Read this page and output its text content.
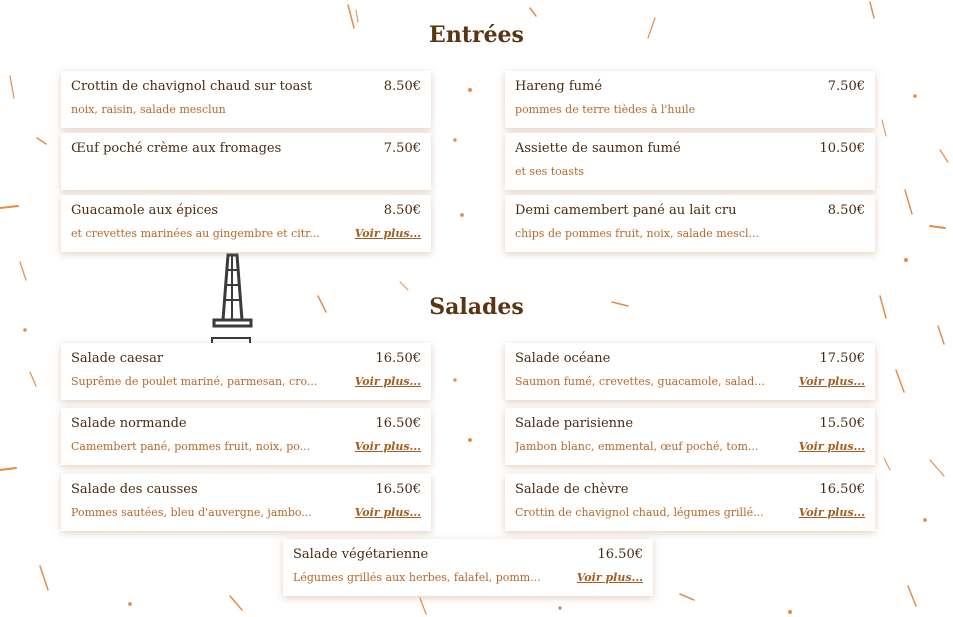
Entrées
Salades
Crottin de chavignol chaud sur toast	8.50€
noix, raisin, salade mesclun
Hareng fumé	7.50€
pommes de terre tièdes à l'huile
Œuf poché crème aux fromages	7.50€	Assiette de saumon fumé	10.50€
et ses toasts
Guacamole aux épices	8.50€
et crevettes marinées au gingembre et citr...	Voir plus...
Demi camembert pané au lait cru	8.50€
chips de pommes fruit, noix, salade mescl...
Salade caesar	16.50€
Suprême de poulet mariné, parmesan, cro...	Voir plus...
Salade océane	17.50€
Saumon fumé, crevettes, guacamole, salad...	Voir plus...
Salade normande	16.50€
Camembert pané, pommes fruit, noix, po...	Voir plus...
Salade parisienne	15.50€
Jambon blanc, emmental, œuf poché, tom...	Voir plus...
Salade des causses	16.50€
Pommes sautées, bleu d'auvergne, jambo...	Voir plus...
Salade de chèvre	16.50€
Crottin de chavignol chaud, légumes grillé...	Voir plus...
Salade végétarienne	16.50€
Légumes grillés aux herbes, falafel, pomm...	Voir plus...
